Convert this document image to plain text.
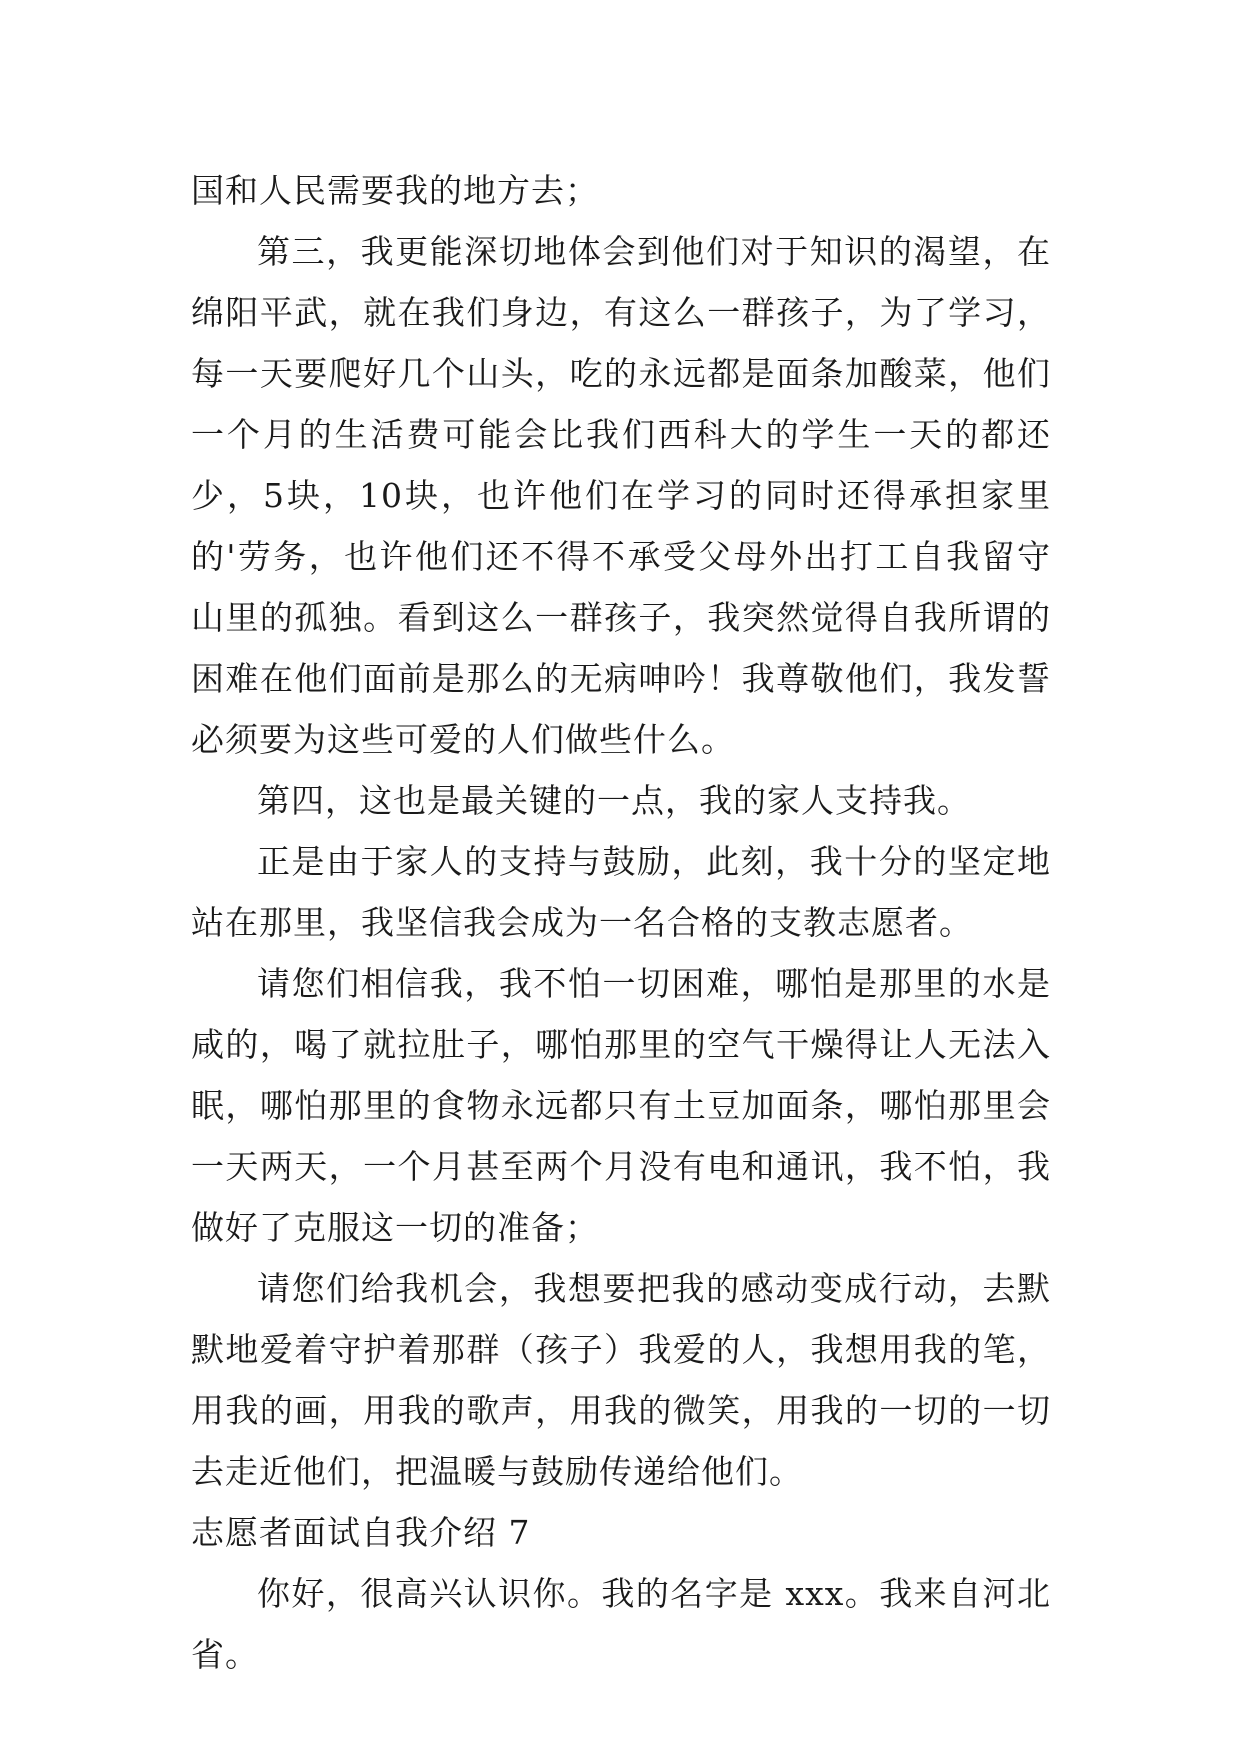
国和人民需要我的地方去；

第三，我更能深切地体会到他们对于知识的渴望，在绵阳平武，就在我们身边，有这么一群孩子，为了学习，每一天要爬好几个山头，吃的永远都是面条加酸菜，他们一个月的生活费可能会比我们西科大的学生一天的都还少，5块，10块，也许他们在学习的同时还得承担家里的'劳务，也许他们还不得不承受父母外出打工自我留守山里的孤独。看到这么一群孩子，我突然觉得自我所谓的困难在他们面前是那么的无病呻吟！我尊敬他们，我发誓必须要为这些可爱的人们做些什么。

第四，这也是最关键的一点，我的家人支持我。

正是由于家人的支持与鼓励，此刻，我十分的坚定地站在那里，我坚信我会成为一名合格的支教志愿者。

请您们相信我，我不怕一切困难，哪怕是那里的水是咸的，喝了就拉肚子，哪怕那里的空气干燥得让人无法入眠，哪怕那里的食物永远都只有土豆加面条，哪怕那里会一天两天，一个月甚至两个月没有电和通讯，我不怕，我做好了克服这一切的准备；

请您们给我机会，我想要把我的感动变成行动，去默默地爱着守护着那群（孩子）我爱的人，我想用我的笔，用我的画，用我的歌声，用我的微笑，用我的一切的一切去走近他们，把温暖与鼓励传递给他们。

志愿者面试自我介绍 7

你好，很高兴认识你。我的名字是 xxx。我来自河北省。
